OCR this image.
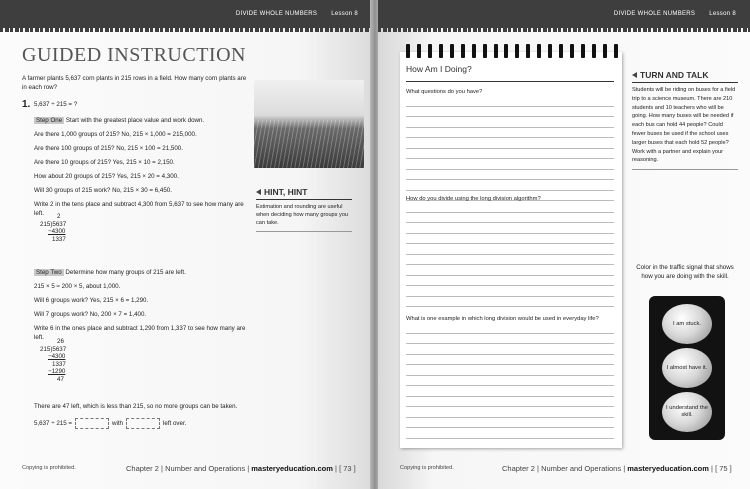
DIVIDE WHOLE NUMBERS Lesson 8
GUIDED INSTRUCTION
A farmer plants 5,637 corn plants in 215 rows in a field. How many corn plants are in each row?
1. 5,637 ÷ 215 = ?

Step One Start with the greatest place value and work down.

Are there 1,000 groups of 215? No, 215 × 1,000 = 215,000.

Are there 100 groups of 215? No, 215 × 100 = 21,500.

Are there 10 groups of 215? Yes, 215 × 10 = 2,150.

How about 20 groups of 215? Yes, 215 × 20 = 4,300.

Will 30 groups of 215 work? No, 215 × 30 = 6,450.

Write 2 in the tens place and subtract 4,300 from 5,637 to see how many are left.	2
215)5637
−4300
1337

Step Two Determine how many groups of 215 are left.

215 × 5 ≈ 200 × 5, about 1,000.

Will 6 groups work? Yes, 215 × 6 = 1,290.

Will 7 groups work? No, 200 × 7 = 1,400.

Write 6 in the ones place and subtract 1,290 from 1,337 to see how many are left.

26
215)5637
−4300
1337
−1290
47

There are 47 left, which is less than 215, so no more groups can be taken.

5,637 ÷ 215 =	with	left over.

HINT, HINT
Estimation and rounding are useful when deciding how many groups you can take.
Copying is prohibited.	Chapter 2 | Number and Operations | masteryeducation.com | [ 73 ]
DIVIDE WHOLE NUMBERS Lesson 8
How Am I Doing?
What questions do you have?
How do you divide using the long division algorithm?
What is one example in which long division would be used in everyday life?
TURN AND TALK
Students will be riding on buses for a field trip to a science museum. There are 210 students and 10 teachers who will be going. How many buses will be needed if each bus can hold 44 people? Could fewer buses be used if the school uses larger buses that each hold 52 people? Work with a partner and explain your reasoning.
Color in the traffic signal that shows how you are doing with the skill.
I am stuck.
I almost have it.
I understand the skill.
Copying is prohibited.	Chapter 2 | Number and Operations | masteryeducation.com | [ 75 ]
